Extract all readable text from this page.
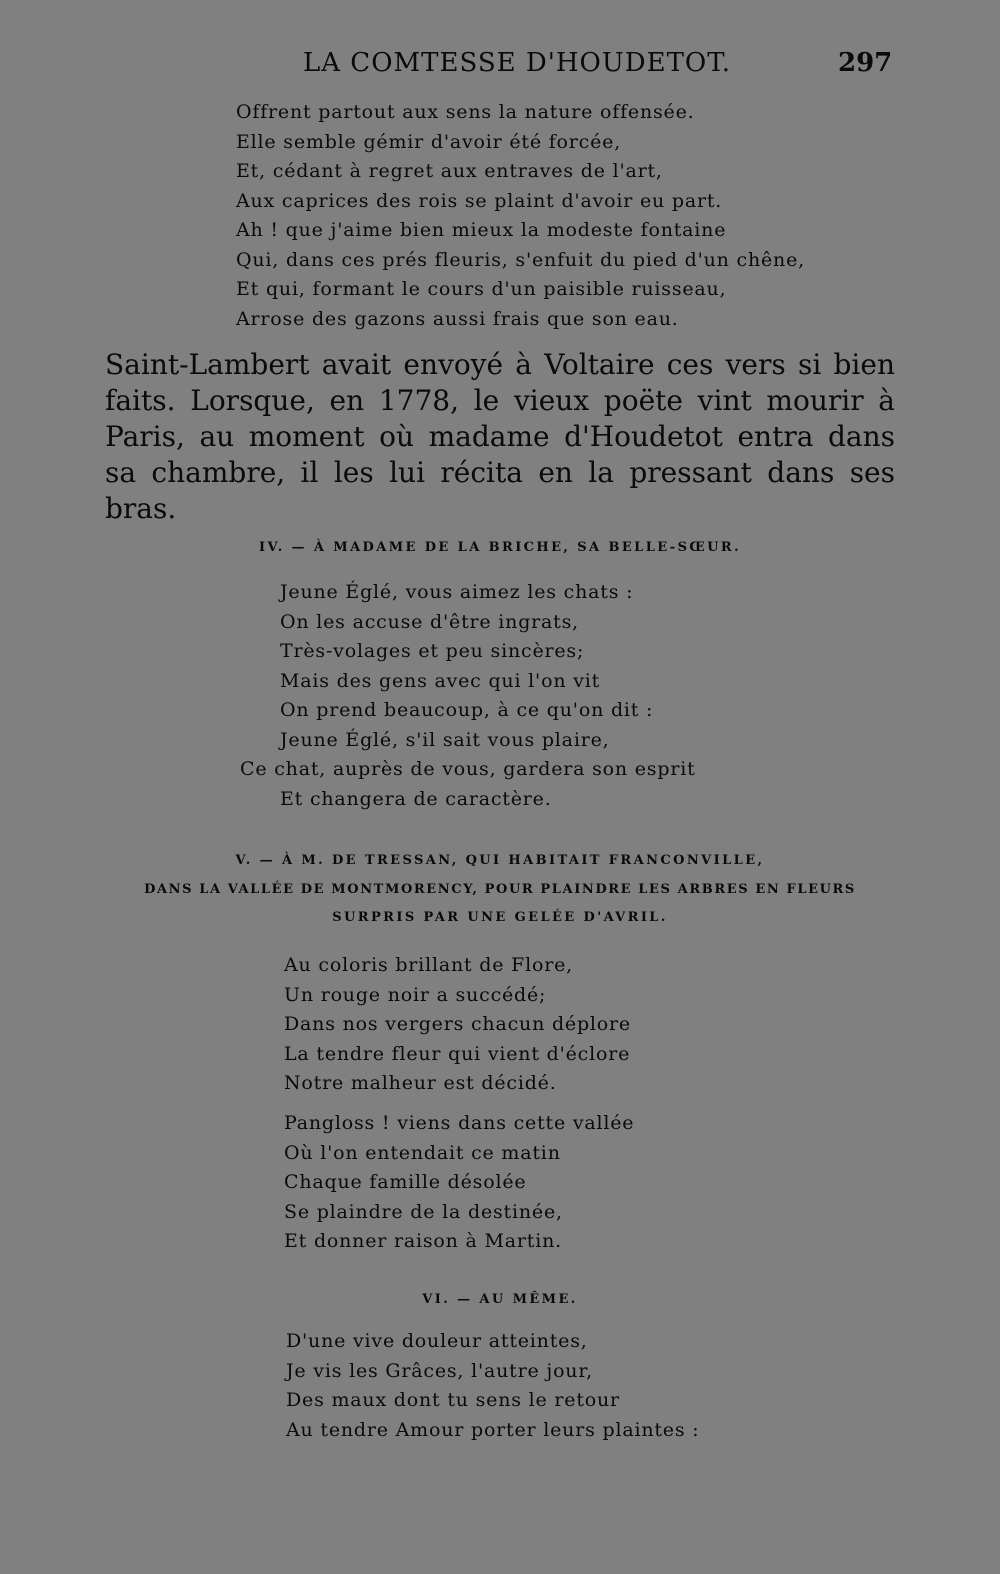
LA COMTESSE D'HOUDETOT.	297
Offrent partout aux sens la nature offensée.
Elle semble gémir d'avoir été forcée,
Et, cédant à regret aux entraves de l'art,
Aux caprices des rois se plaint d'avoir eu part.
Ah ! que j'aime bien mieux la modeste fontaine
Qui, dans ces prés fleuris, s'enfuit du pied d'un chêne,
Et qui, formant le cours d'un paisible ruisseau,
Arrose des gazons aussi frais que son eau.

Saint-Lambert avait envoyé à Voltaire ces vers si bien faits. Lorsque, en 1778, le vieux poëte vint mourir à Paris, au moment où madame d'Houdetot entra dans sa chambre, il les lui récita en la pressant dans ses bras.

IV. — À MADAME DE LA BRICHE, SA BELLE-SŒUR.

Jeune Églé, vous aimez les chats :
On les accuse d'être ingrats,
Très-volages et peu sincères;
Mais des gens avec qui l'on vit
On prend beaucoup, à ce qu'on dit :
Jeune Églé, s'il sait vous plaire,
Ce chat, auprès de vous, gardera son esprit
Et changera de caractère.

V. — À M. DE TRESSAN, QUI HABITAIT FRANCONVILLE,

DANS LA VALLÉE DE MONTMORENCY, POUR PLAINDRE LES ARBRES EN FLEURS

SURPRIS PAR UNE GELÉE D'AVRIL.

Au coloris brillant de Flore,
Un rouge noir a succédé;
Dans nos vergers chacun déplore
La tendre fleur qui vient d'éclore
Notre malheur est décidé.
Pangloss ! viens dans cette vallée
Où l'on entendait ce matin
Chaque famille désolée
Se plaindre de la destinée,
Et donner raison à Martin.

VI. — AU MÊME.

D'une vive douleur atteintes,
Je vis les Grâces, l'autre jour,
Des maux dont tu sens le retour
Au tendre Amour porter leurs plaintes :
